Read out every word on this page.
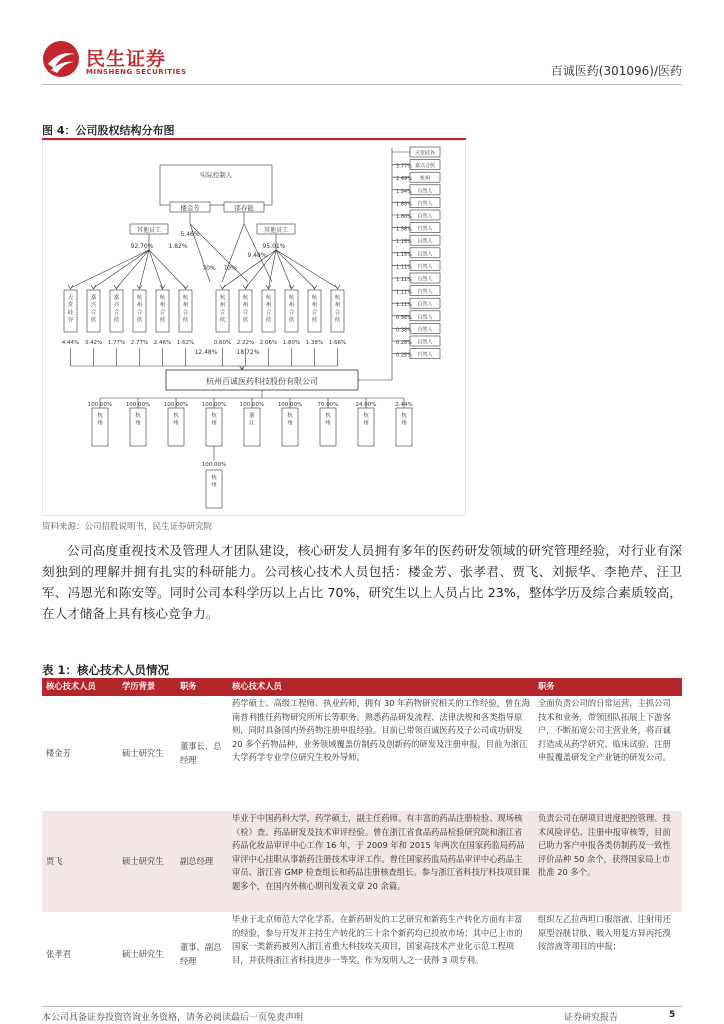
民生证券
MINSHENG SECURITIES	百诚医药(301096)/医药
图 4：公司股权结构分布图
实际控制人
楼金芳	邵春能
其他员工	其他员工
92.70%	1.82%	95.01%
5.46%
9.48%
70% 70%
天堂硅谷
4.44%
嘉兴合伙
3.42%
嘉兴合伙
1.77%
杭州合伙
2.77%
杭州合伙
2.46%
杭州合伙
1.62%
杭州合伙
0.60%
杭州合伙
2.22%
杭州合伙
2.06%
杭州合伙
1.80%
杭州合伙
1.38%
杭州合伙
1.66%
12.48%	18.72%
杭州百诚医药科技股份有限公司
天堂硅谷
嘉兴合伙
3.77%
杭州
2.49%
自然人
1.94%
自然人
1.85%
自然人
1.80%
自然人
1.56%
自然人
1.15%
自然人
1.15%
自然人
1.11%
自然人
1.11%
自然人
1.11%
自然人
1.11%
自然人
0.56%
自然人
0.38%
自然人
0.28%
自然人
0.25%
100.00%
杭州
100.00%
杭州
100.00%
杭州
100.00%
杭州
100.00%
浙江
100.00%
杭州
70.00%
杭州
24.00%
杭州
2.44%
杭州
100.00%
杭州
资料来源：公司招股说明书，民生证券研究院
公司高度重视技术及管理人才团队建设，核心研发人员拥有多年的医药研发领域的研究管理经验，对行业有深刻独到的理解并拥有扎实的科研能力。公司核心技术人员包括：楼金芳、张孝君、贾飞、刘振华、李艳芹、汪卫军、冯恩光和陈安等。同时公司本科学历以上占比 70%，研究生以上人员占比 23%，整体学历及综合素质较高，在人才储备上具有核心竞争力。
表 1：核心技术人员情况
核心技术人员	学历背景	职务	核心技术人员	职务
楼金芳	硕士研究生	董事长、总经理	药学硕士、高级工程师、执业药师，拥有 30 年药物研究相关的工作经验，曾在海南普利推任药物研究所所长等职务。熟悉药品研发流程、法律法规和各类指导原则，同时具备国内外药物注册申报经验。目前已带领百诚医药及子公司成功研发 20 多个药物品种，业务领域覆盖仿制药及创新药的研发及注册申报，目前为浙江大学药学专业学位研究生校外导师。	全面负责公司的日常运营，主抓公司技术和业务，带领团队拓展上下游客户，不断拓宽公司主营业务，将百诚打造成从药学研究、临床试验、注册申报覆盖研发全产业链的研发公司。
贾飞	硕士研究生	副总经理	毕业于中国药科大学，药学硕士，副主任药师。有丰富的药品注册检验、现场核（检）查、药品研发及技术审评经验。曾在浙江省食品药品检验研究院和浙江省药品化妆品审评中心工作 16 年，于 2009 年和 2015 年两次在国家药监局药品审评中心挂职从事新药注册技术审评工作。曾任国家药监局药品审评中心药品主审员、浙江省 GMP 检查组长和药品注册核查组长。参与浙江省科技厅科技项目课题多个，在国内外核心期刊发表文章 20 余篇。	负责公司在研项目进度把控管理、技术风险评估、注册申报审核等，目前已助力客户申报各类仿制药及一致性评价品种 50 余个，获得国家局上市批准 20 多个。
张孝君	硕士研究生	董事、副总经理	毕业于北京师范大学化学系，在新药研发的工艺研究和新药生产转化方面有丰富的经验，参与开发并主持生产转化的三十余个新药均已投放市场；其中已上市的国家一类新药被列入浙江省重大科技攻关项目，国家高技术产业化示范工程项目，并获得浙江省科技进步一等奖。作为发明人之一获得 3 项专利。	组织左乙拉西坦口服溶液、注射用还原型谷胱甘肽、吸入用复方异丙托溴铵溶液等项目的申报；
本公司具备证券投资咨询业务资格，请务必阅读最后一页免责声明	证券研究报告	5
